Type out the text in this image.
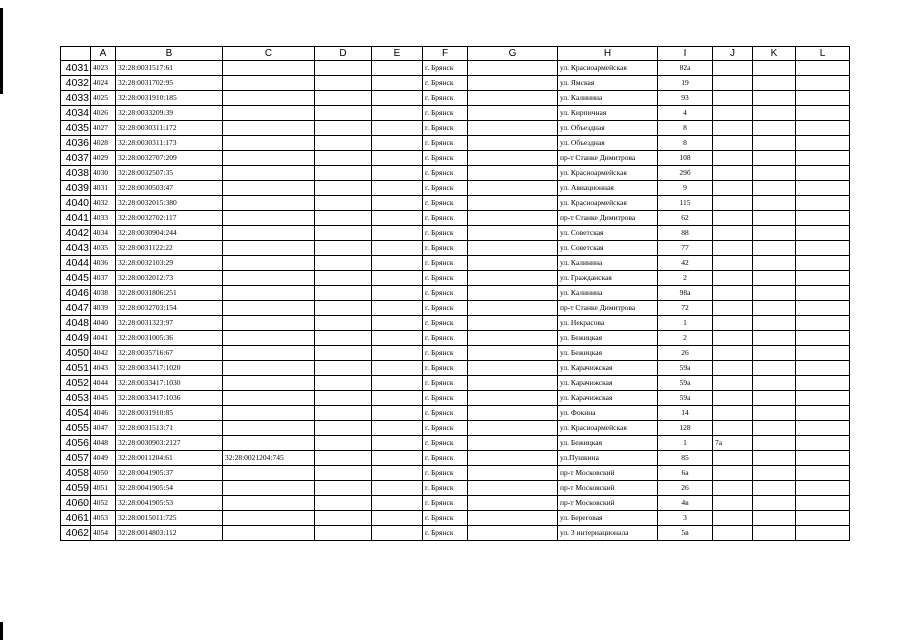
	A	B	C	D	E	F	G	H	I	J	K	L
4031	4023	32:28:0031517:61				г. Брянск		ул. Красноармейская	82а			
4032	4024	32:28:0031702:95				г. Брянск		ул. Ямская	19			
4033	4025	32:28:0031910:185				г. Брянск		ул. Калинина	93			
4034	4026	32:28:0033209:39				г. Брянск		ул. Кирпичная	4			
4035	4027	32:28:0030311:172				г. Брянск		ул. Объездная	8			
4036	4028	32:28:0030311:173				г. Брянск		ул. Объездная	8			
4037	4029	32:28:0032707:209				г. Брянск		пр-т Станке Димитрова	108			
4038	4030	32:28:0032507:35				г. Брянск		ул. Красноармейская	29б			
4039	4031	32:28:0030503:47				г. Брянск		ул. Авиационная	9			
4040	4032	32:28:0032015:380				г. Брянск		ул. Красноармейская	115			
4041	4033	32:28:0032702:117				г. Брянск		пр-т Станке Димитрова	62			
4042	4034	32:28:0030904:244				г. Брянск		ул. Советская	88			
4043	4035	32:28:0031122:22				г. Брянск		ул. Советская	77			
4044	4036	32:28:0032103:29				г. Брянск		ул. Калинина	42			
4045	4037	32:28:0032012:73				г. Брянск		ул. Гражданская	2			
4046	4038	32:28:0031806:251				г. Брянск		ул. Калинина	98а			
4047	4039	32:28:0032703:154				г. Брянск		пр-т Станке Димитрова	72			
4048	4040	32:28:0031323:97				г. Брянск		ул. Некрасова	1			
4049	4041	32:28:0031005:36				г. Брянск		ул. Бежицкая	2			
4050	4042	32:28:0035716:67				г. Брянск		ул. Бежицкая	26			
4051	4043	32:28:0033417:1020				г. Брянск		ул. Карачижская	59а			
4052	4044	32:28:0033417:1030				г. Брянск		ул. Карачижская	59а			
4053	4045	32:28:0033417:1036				г. Брянск		ул. Карачижская	59а			
4054	4046	32:28:0031910:85				г. Брянск		ул. Фокина	14			
4055	4047	32:28:0031513:71				г. Брянск		ул. Красноармейская	128			
4056	4048	32:28:0030903:2127				г. Брянск		ул. Бежицкая	1	7а		
4057	4049	32:28:0011204:61	32:28:0021204:745			г. Брянск		ул.Пушкина	85			
4058	4050	32:28:0041905:37				г. Брянск		пр-т Московский	6а			
4059	4051	32:28:0041905:54				г. Брянск		пр-т Московский	26			
4060	4052	32:28:0041905:53				г. Брянск		пр-т Московский	4в			
4061	4053	32:28:0015011:725				г. Брянск		ул. Береговая	3			
4062	4054	32:28:0014803:112				г. Брянск		ул. 3 интернационала	5в			
